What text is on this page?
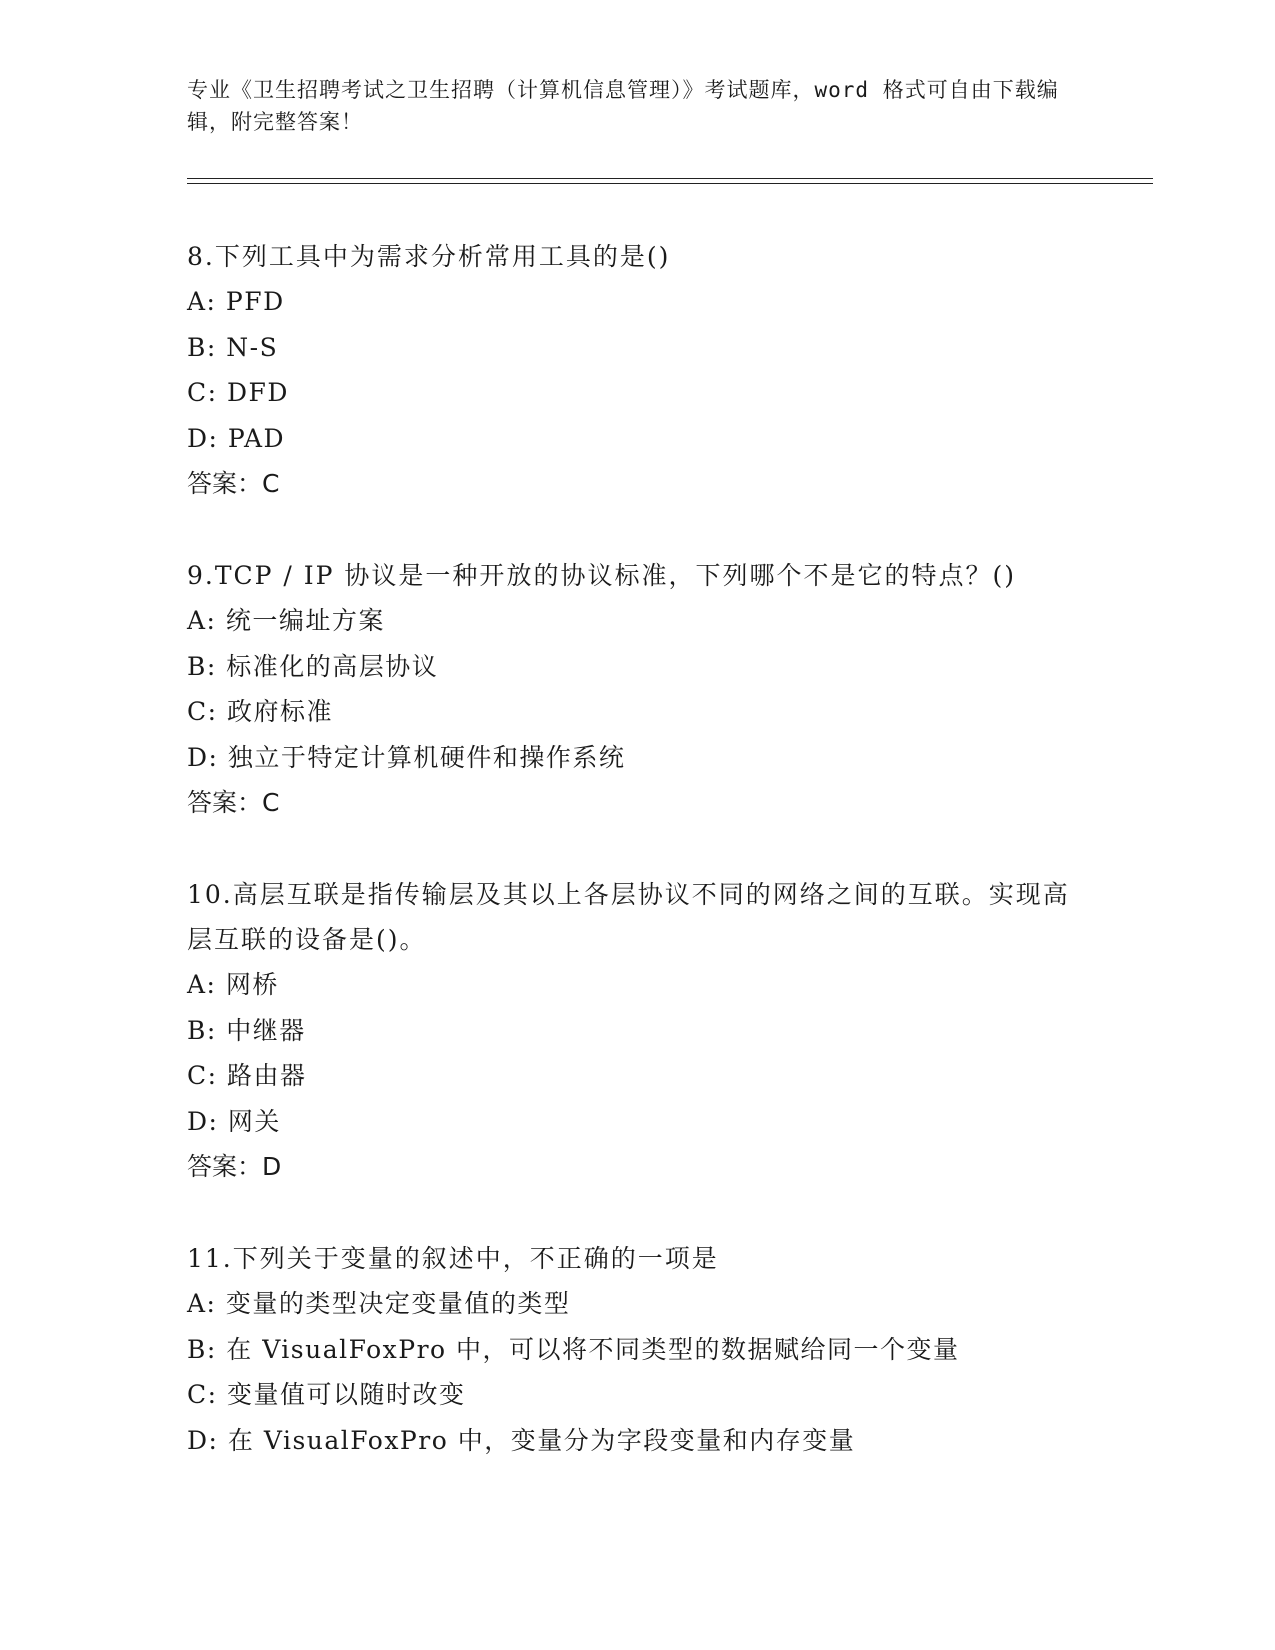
专业《卫生招聘考试之卫生招聘（计算机信息管理）》考试题库，word 格式可自由下载编辑，附完整答案！

8.下列工具中为需求分析常用工具的是()

A: PFD

B: N-S

C: DFD

D: PAD

答案：C

9.TCP / IP 协议是一种开放的协议标准，下列哪个不是它的特点？()

A: 统一编址方案

B: 标准化的高层协议

C: 政府标准

D: 独立于特定计算机硬件和操作系统

答案：C

10.高层互联是指传输层及其以上各层协议不同的网络之间的互联。实现高层互联的设备是()。

A: 网桥

B: 中继器

C: 路由器

D: 网关

答案：D

11.下列关于变量的叙述中，不正确的一项是

A: 变量的类型决定变量值的类型

B: 在 VisualFoxPro 中，可以将不同类型的数据赋给同一个变量

C: 变量值可以随时改变

D: 在 VisualFoxPro 中，变量分为字段变量和内存变量
